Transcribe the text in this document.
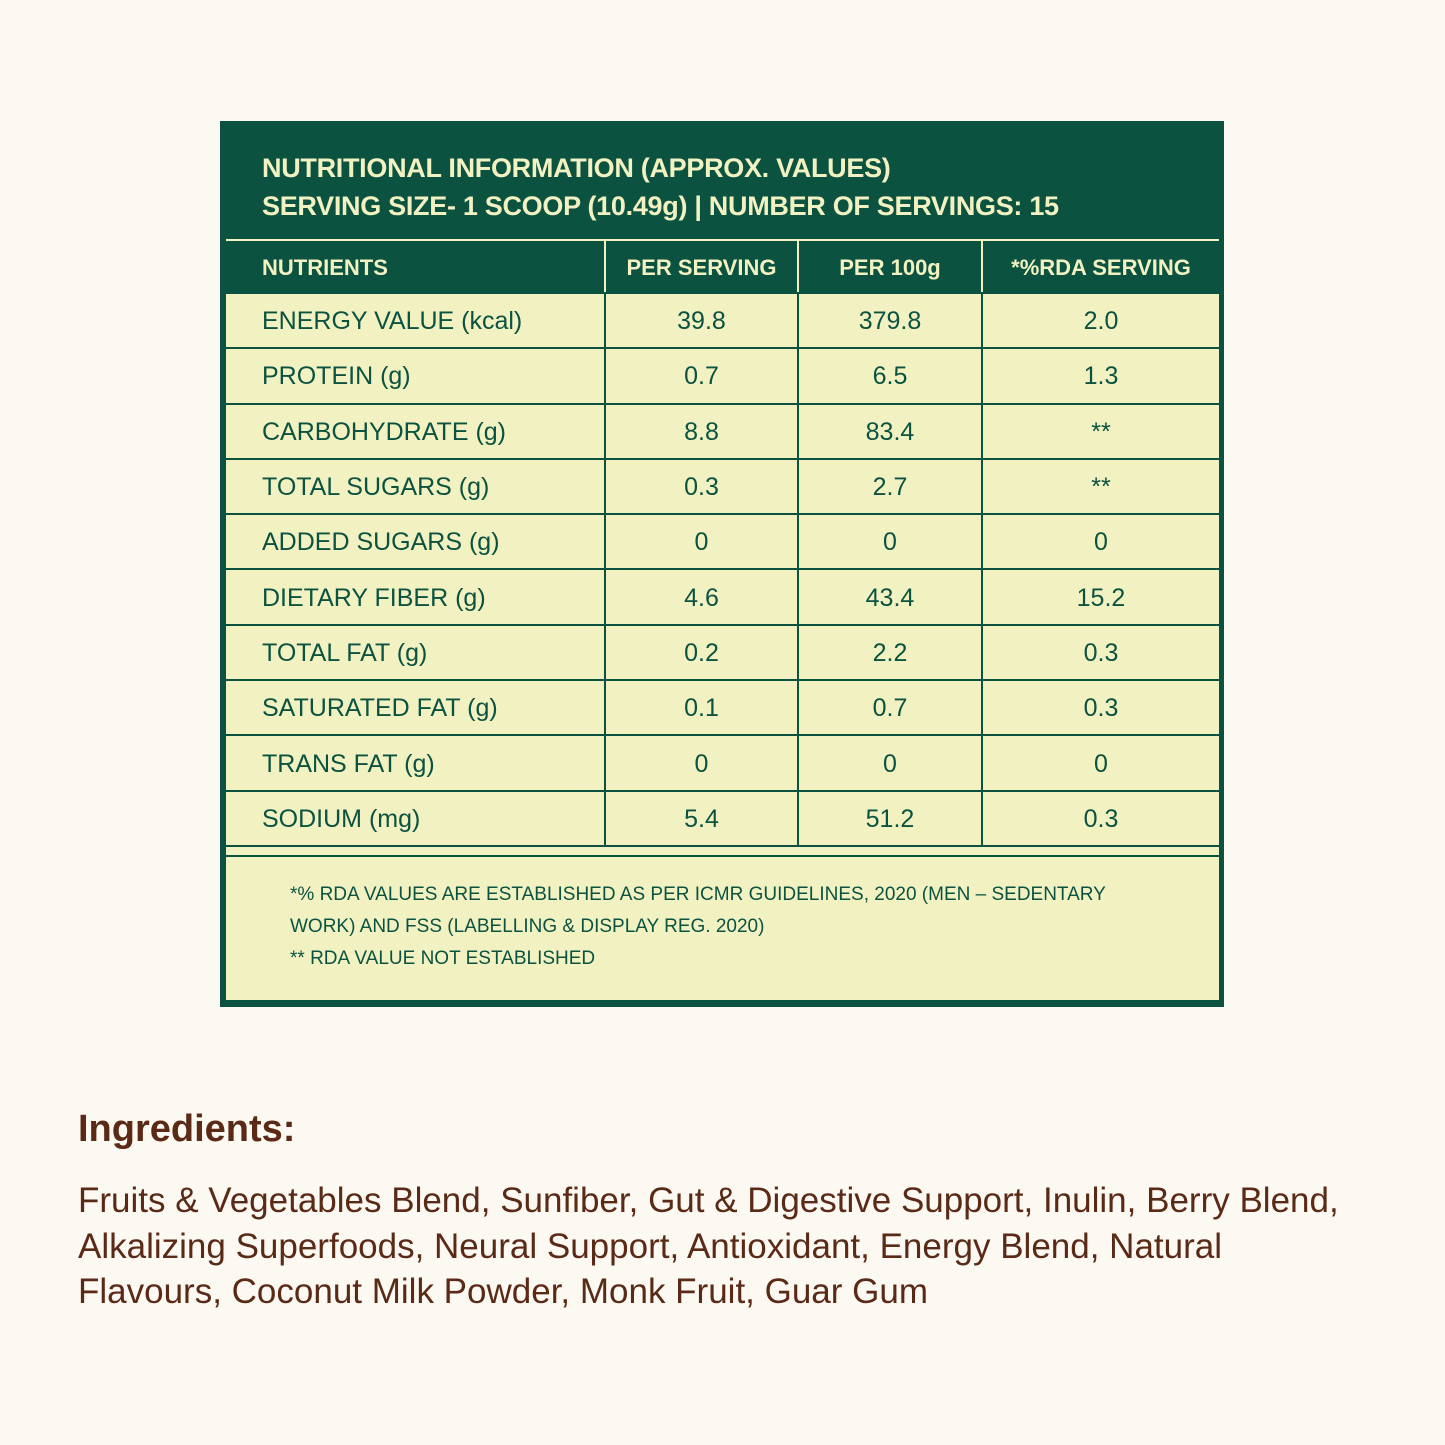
NUTRITIONAL INFORMATION (APPROX. VALUES)
SERVING SIZE- 1 SCOOP (10.49g) | NUMBER OF SERVINGS: 15
NUTRIENTS	PER SERVING	PER 100g	*%RDA SERVING
ENERGY VALUE (kcal)	39.8	379.8	2.0
PROTEIN (g)	0.7	6.5	1.3
CARBOHYDRATE (g)	8.8	83.4	**
TOTAL SUGARS (g)	0.3	2.7	**
ADDED SUGARS (g)	0	0	0
DIETARY FIBER (g)	4.6	43.4	15.2
TOTAL FAT (g)	0.2	2.2	0.3
SATURATED FAT (g)	0.1	0.7	0.3
TRANS FAT (g)	0	0	0
SODIUM (mg)	5.4	51.2	0.3
*% RDA VALUES ARE ESTABLISHED AS PER ICMR GUIDELINES, 2020 (MEN – SEDENTARY WORK) AND FSS (LABELLING & DISPLAY REG. 2020)
** RDA VALUE NOT ESTABLISHED
Ingredients:
Fruits & Vegetables Blend, Sunfiber, Gut & Digestive Support, Inulin, Berry Blend, Alkalizing Superfoods, Neural Support, Antioxidant, Energy Blend, Natural Flavours, Coconut Milk Powder, Monk Fruit, Guar Gum
